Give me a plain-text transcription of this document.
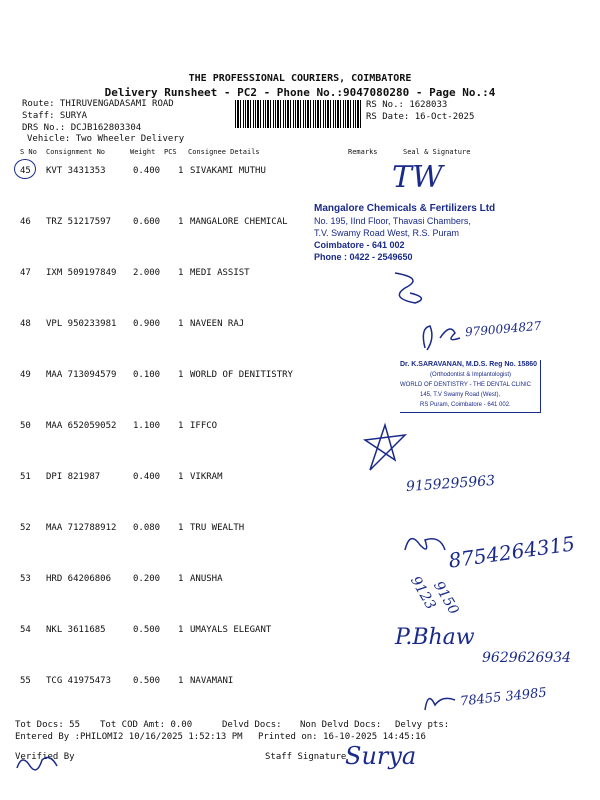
THE PROFESSIONAL COURIERS, COIMBATORE
Delivery Runsheet - PC2 - Phone No.:9047080280 - Page No.:4
Route: THIRUVENGADASAMI ROAD
Staff: SURYA
DRS No.: DCJB162803304
Vehicle: Two Wheeler Delivery
RS No.: 1628033
RS Date: 16-Oct-2025
S No Consignment No	Weight PCS Consignee Details	Remarks	Seal & Signature
45 KVT 3431353	0.400 1 SIVAKAMI MUTHU
46 TRZ 51217597 0.600 1 MANGALORE CHEMICAL
47 IXM 509197849 2.000 1 MEDI ASSIST
48 VPL 950233981 0.900 1 NAVEEN RAJ
49 MAA 713094579 0.100 1 WORLD OF DENITISTRY
50 MAA 652059052 1.100 1 IFFCO
51 DPI 821987	0.400 1 VIKRAM
52 MAA 712788912 0.080 1 TRU WEALTH
53 HRD 64206806 0.200 1 ANUSHA
54 NKL 3611685	0.500 1 UMAYALS ELEGANT
55 TCG 41975473 0.500 1 NAVAMANI
TW
Mangalore Chemicals & Fertilizers Ltd
No. 195, IInd Floor, Thavasi Chambers,
T.V. Swamy Road West, R.S. Puram
Coimbatore - 641 002
Phone : 0422 - 2549650
9790094827
Dr. K.SARAVANAN, M.D.S. Reg No. 15860
(Orthodontist & Implantologist)
WORLD OF DENTISTRY - THE DENTAL CLINIC
145, T.V Swamy Road (West),
RS Puram, Coimbatore - 641 002.
9159295963
8754264315
9123
9150
P.Bhaw
9629626934
78455 34985
Tot Docs: 55 Tot COD Amt: 0.00	Delvd Docs: Non Delvd Docs: Delvy pts:
Entered By :PHILOMI2 10/16/2025 1:52:13 PM Printed on: 16-10-2025 14:45:16
Verified By	Staff Signature
Surya
